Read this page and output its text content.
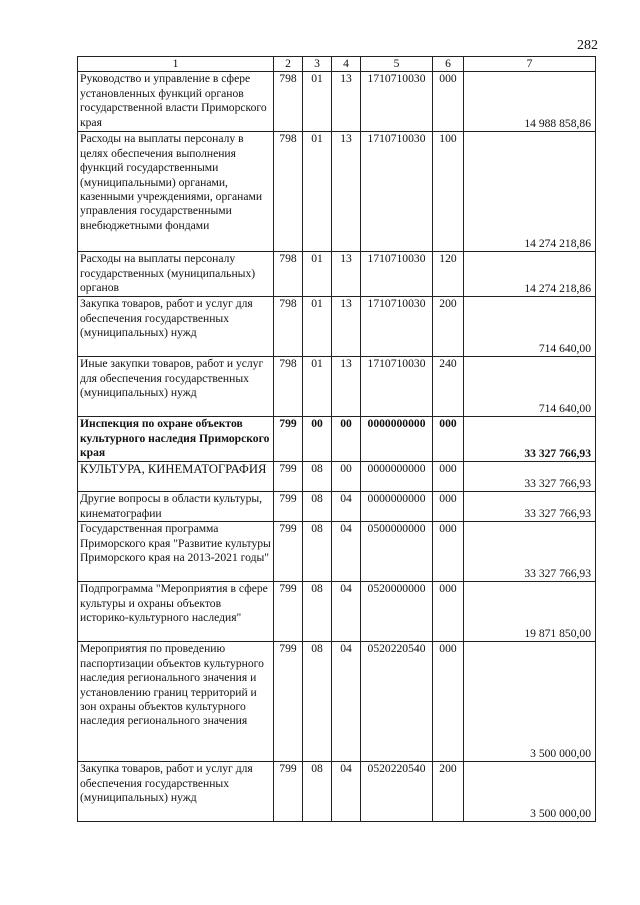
282
1	2	3	4	5	6	7
Руководство и управление в сфере установленных функций органов государственной власти Приморского края	798	01	13	1710710030	000	14 988 858,86
Расходы на выплаты персоналу в целях обеспечения выполнения функций государственными (муниципальными) органами, казенными учреждениями, органами управления государственными внебюджетными фондами	798	01	13	1710710030	100	14 274 218,86
Расходы на выплаты персоналу государственных (муниципальных) органов	798	01	13	1710710030	120	14 274 218,86
Закупка товаров, работ и услуг для обеспечения государственных (муниципальных) нужд	798	01	13	1710710030	200	714 640,00
Иные закупки товаров, работ и услуг для обеспечения государственных (муниципальных) нужд	798	01	13	1710710030	240	714 640,00
Инспекция по охране объектов культурного наследия Приморского края	799	00	00	0000000000	000	33 327 766,93
КУЛЬТУРА, КИНЕМАТОГРАФИЯ	799	08	00	0000000000	000	33 327 766,93
Другие вопросы в области культуры, кинематографии	799	08	04	0000000000	000	33 327 766,93
Государственная программа Приморского края "Развитие культуры Приморского края на 2013-2021 годы"	799	08	04	0500000000	000	33 327 766,93
Подпрограмма "Мероприятия в сфере культуры и охраны объектов историко-культурного наследия"	799	08	04	0520000000	000	19 871 850,00
Мероприятия по проведению паспортизации объектов культурного наследия регионального значения и установлению границ территорий и зон охраны объектов культурного наследия регионального значения	799	08	04	0520220540	000	3 500 000,00
Закупка товаров, работ и услуг для обеспечения государственных (муниципальных) нужд	799	08	04	0520220540	200	3 500 000,00
